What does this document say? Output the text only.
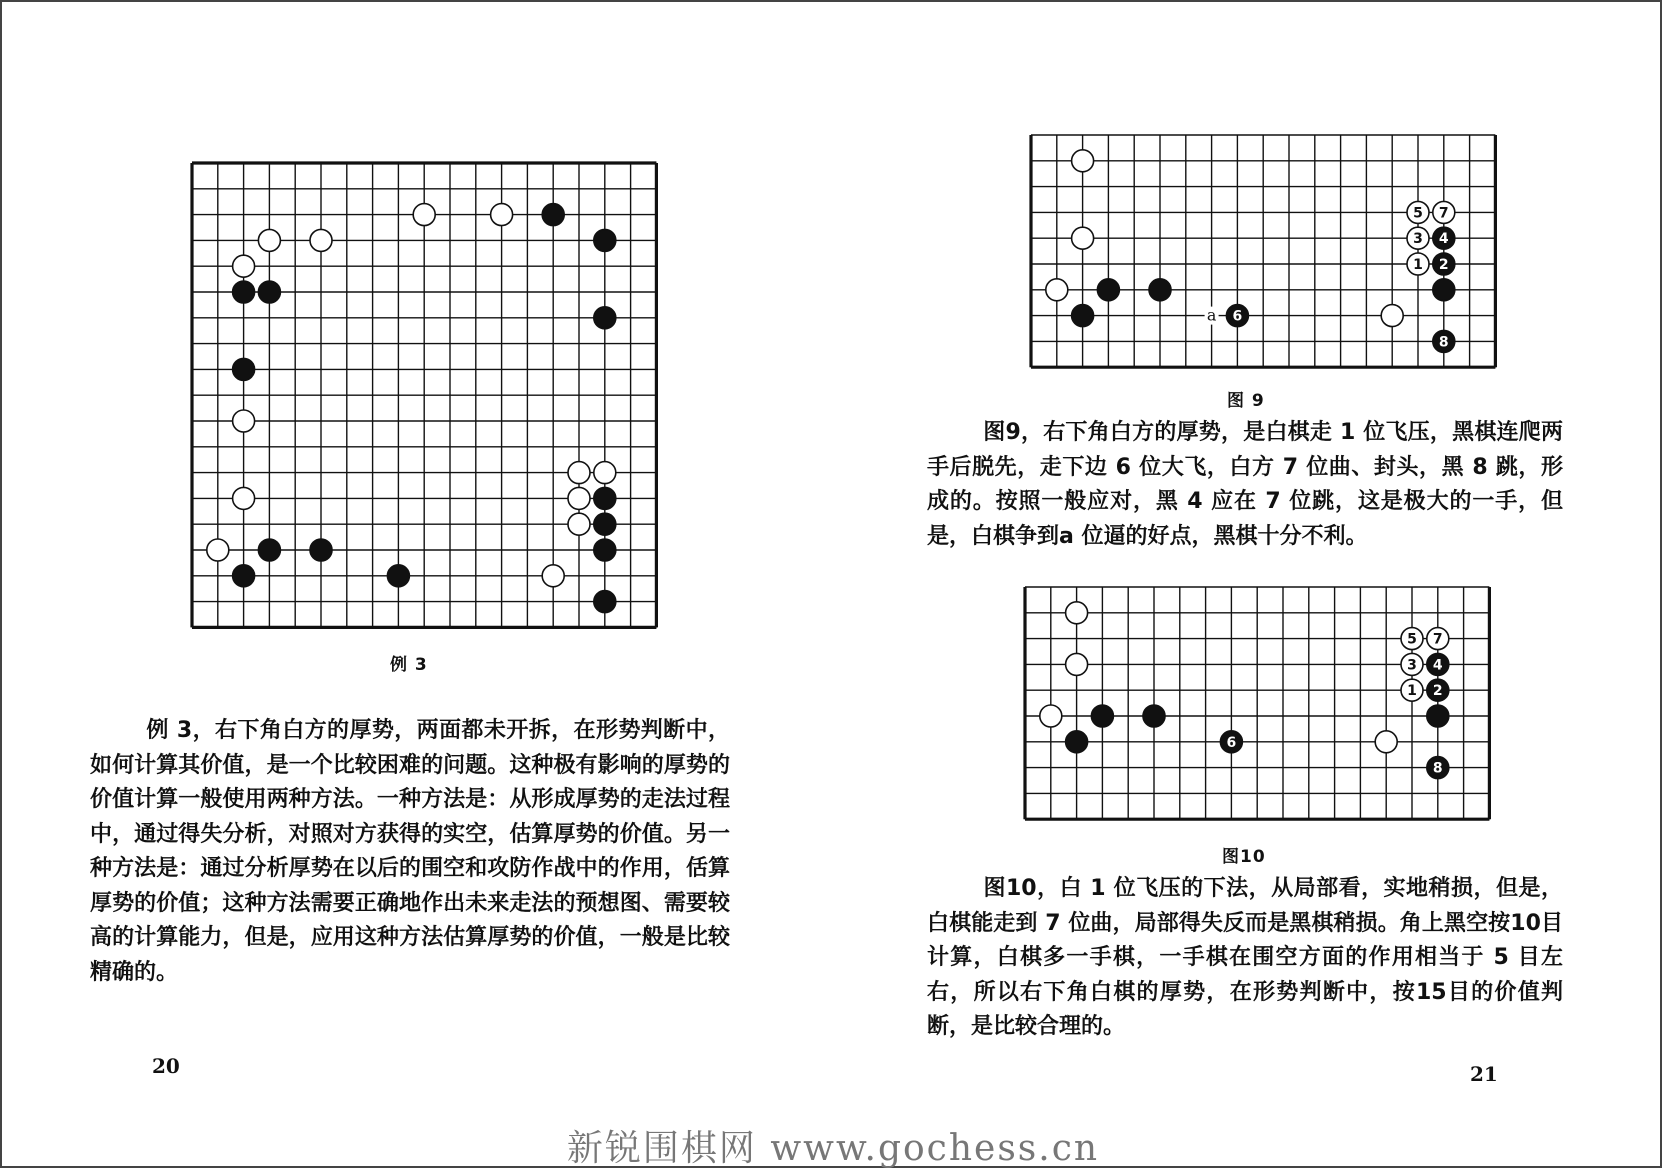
例 3

例 3，右下角白方的厚势，两面都未开拆，在形势判断中，如何计算其价值，是一个比较困难的问题。这种极有影响的厚势的价值计算一般使用两种方法。一种方法是：从形成厚势的走法过程中，通过得失分析，对照对方获得的实空，估算厚势的价值。另一种方法是：通过分析厚势在以后的围空和攻防作战中的作用，佸算厚势的价值；这种方法需要正确地作出未来走法的预想图、需要较高的计算能力，但是，应用这种方法估算厚势的价值，一般是比较精确的。

20
a 6
5 7
3 4
1 2
8
图 9

图9，右下角白方的厚势，是白棋走 1 位飞压，黑棋连爬两手后脱先，走下边 6 位大飞，白方 7 位曲、封头，黑 8 跳，形成的。按照一般应对，黑 4 应在 7 位跳，这是极大的一手，但是，白棋争到a 位逼的好点，黑棋十分不利。

6
5 7
3 4
1 2
8
图10

图10，白 1 位飞压的下法，从局部看，实地稍损，但是，白棋能走到 7 位曲，局部得失反而是黑棋稍损。角上黑空按10目计算，白棋多一手棋，一手棋在围空方面的作用相当于 5 目左右，所以右下角白棋的厚势，在形势判断中，按15目的价值判断，是比较合理的。

21
新锐围棋网 www.gochess.cn
